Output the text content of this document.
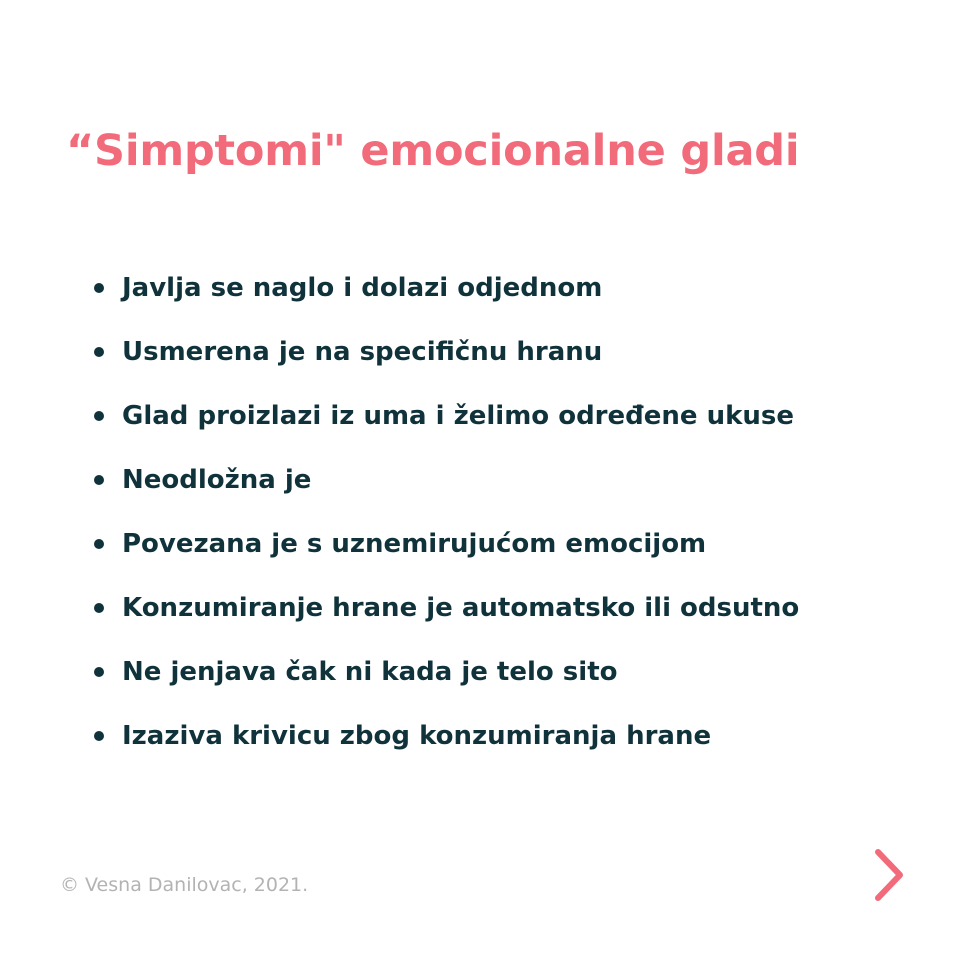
“Simptomi" emocionalne gladi
Javlja se naglo i dolazi odjednom
Usmerena je na specifičnu hranu
Glad proizlazi iz uma i želimo određene ukuse
Neodložna je
Povezana je s uznemirujućom emocijom
Konzumiranje hrane je automatsko ili odsutno
Ne jenjava čak ni kada je telo sito
Izaziva krivicu zbog konzumiranja hrane
© Vesna Danilovac, 2021.
